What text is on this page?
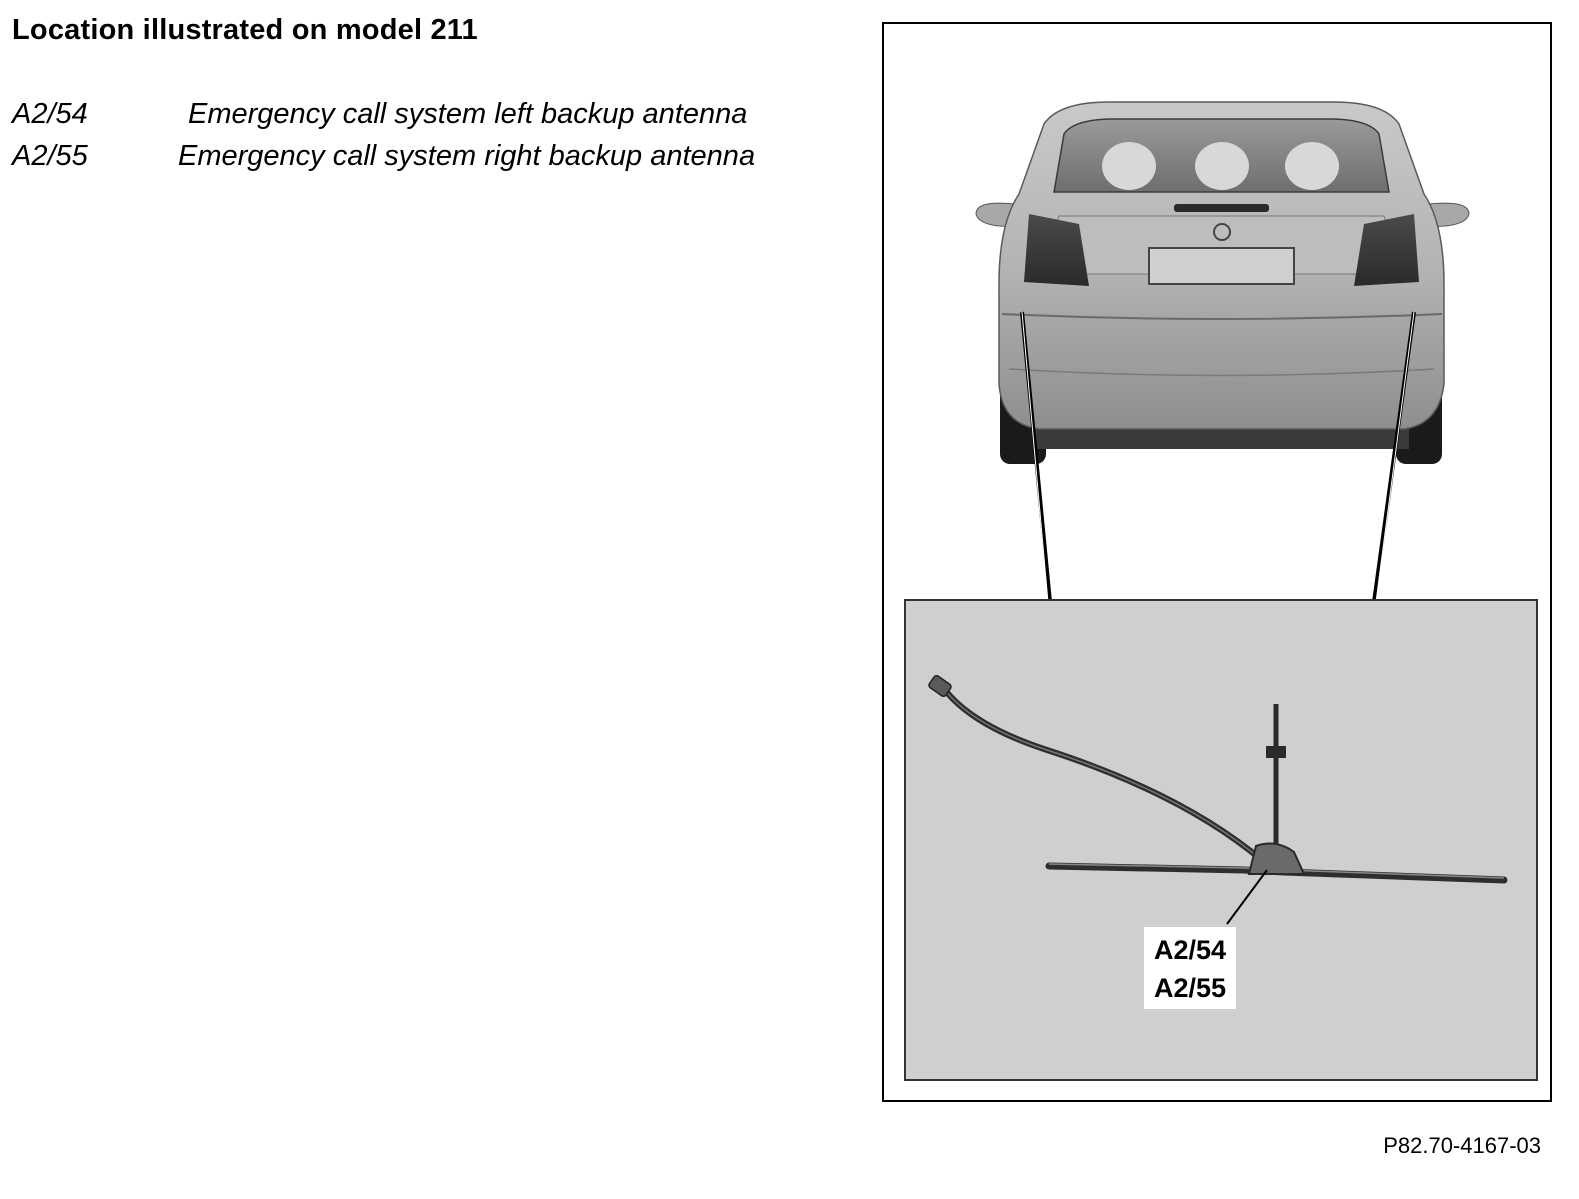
Location illustrated on model 211
A2/54	Emergency call system left backup antenna
A2/55	Emergency call system right backup antenna
A2/54
A2/55
P82.70-4167-03
